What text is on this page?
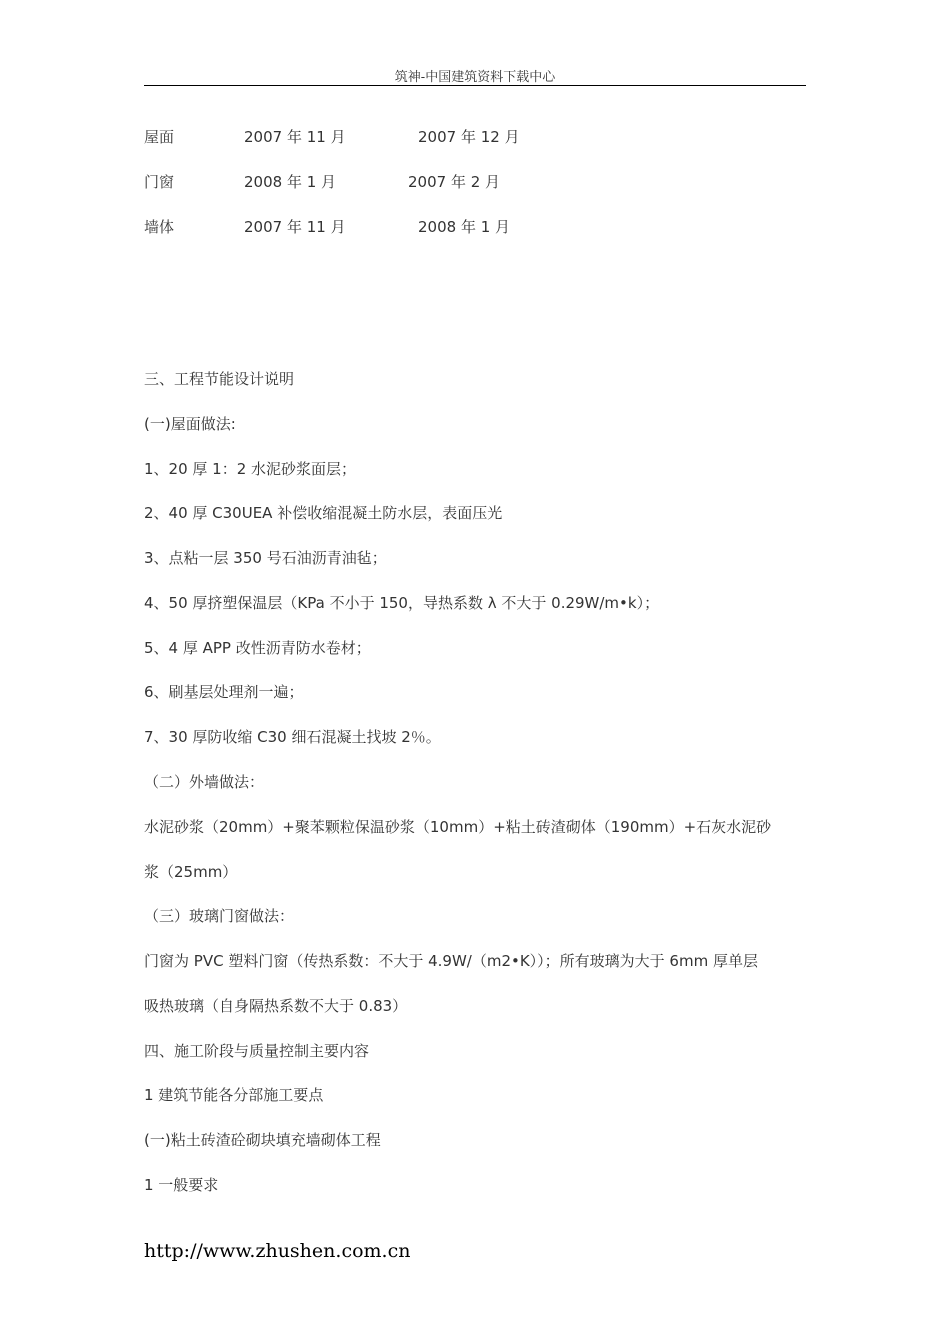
筑神-中国建筑资料下载中心
屋面	2007 年 11 月	2007 年 12 月
门窗	2008 年 1 月	2007 年 2 月
墙体	2007 年 11 月	2008 年 1 月
三、工程节能设计说明
(一)屋面做法:
1、20 厚 1：2 水泥砂浆面层；
2、40 厚 C30UEA 补偿收缩混凝土防水层，表面压光
3、点粘一层 350 号石油沥青油毡；
4、50 厚挤塑保温层（KPa 不小于 150，导热系数 λ 不大于 0.29W/m•k）；
5、4 厚 APP 改性沥青防水卷材；
6、刷基层处理剂一遍；
7、30 厚防收缩 C30 细石混凝土找坡 2％。
（二）外墙做法：
水泥砂浆（20mm）+聚苯颗粒保温砂浆（10mm）+粘土砖渣砌体（190mm）+石灰水泥砂
浆（25mm）
（三）玻璃门窗做法：
门窗为 PVC 塑料门窗（传热系数：不大于 4.9W/（m2•K））；所有玻璃为大于 6mm 厚单层
吸热玻璃（自身隔热系数不大于 0.83）
四、施工阶段与质量控制主要内容
1 建筑节能各分部施工要点
(一)粘土砖渣砼砌块填充墙砌体工程
1 一般要求
http://www.zhushen.com.cn
